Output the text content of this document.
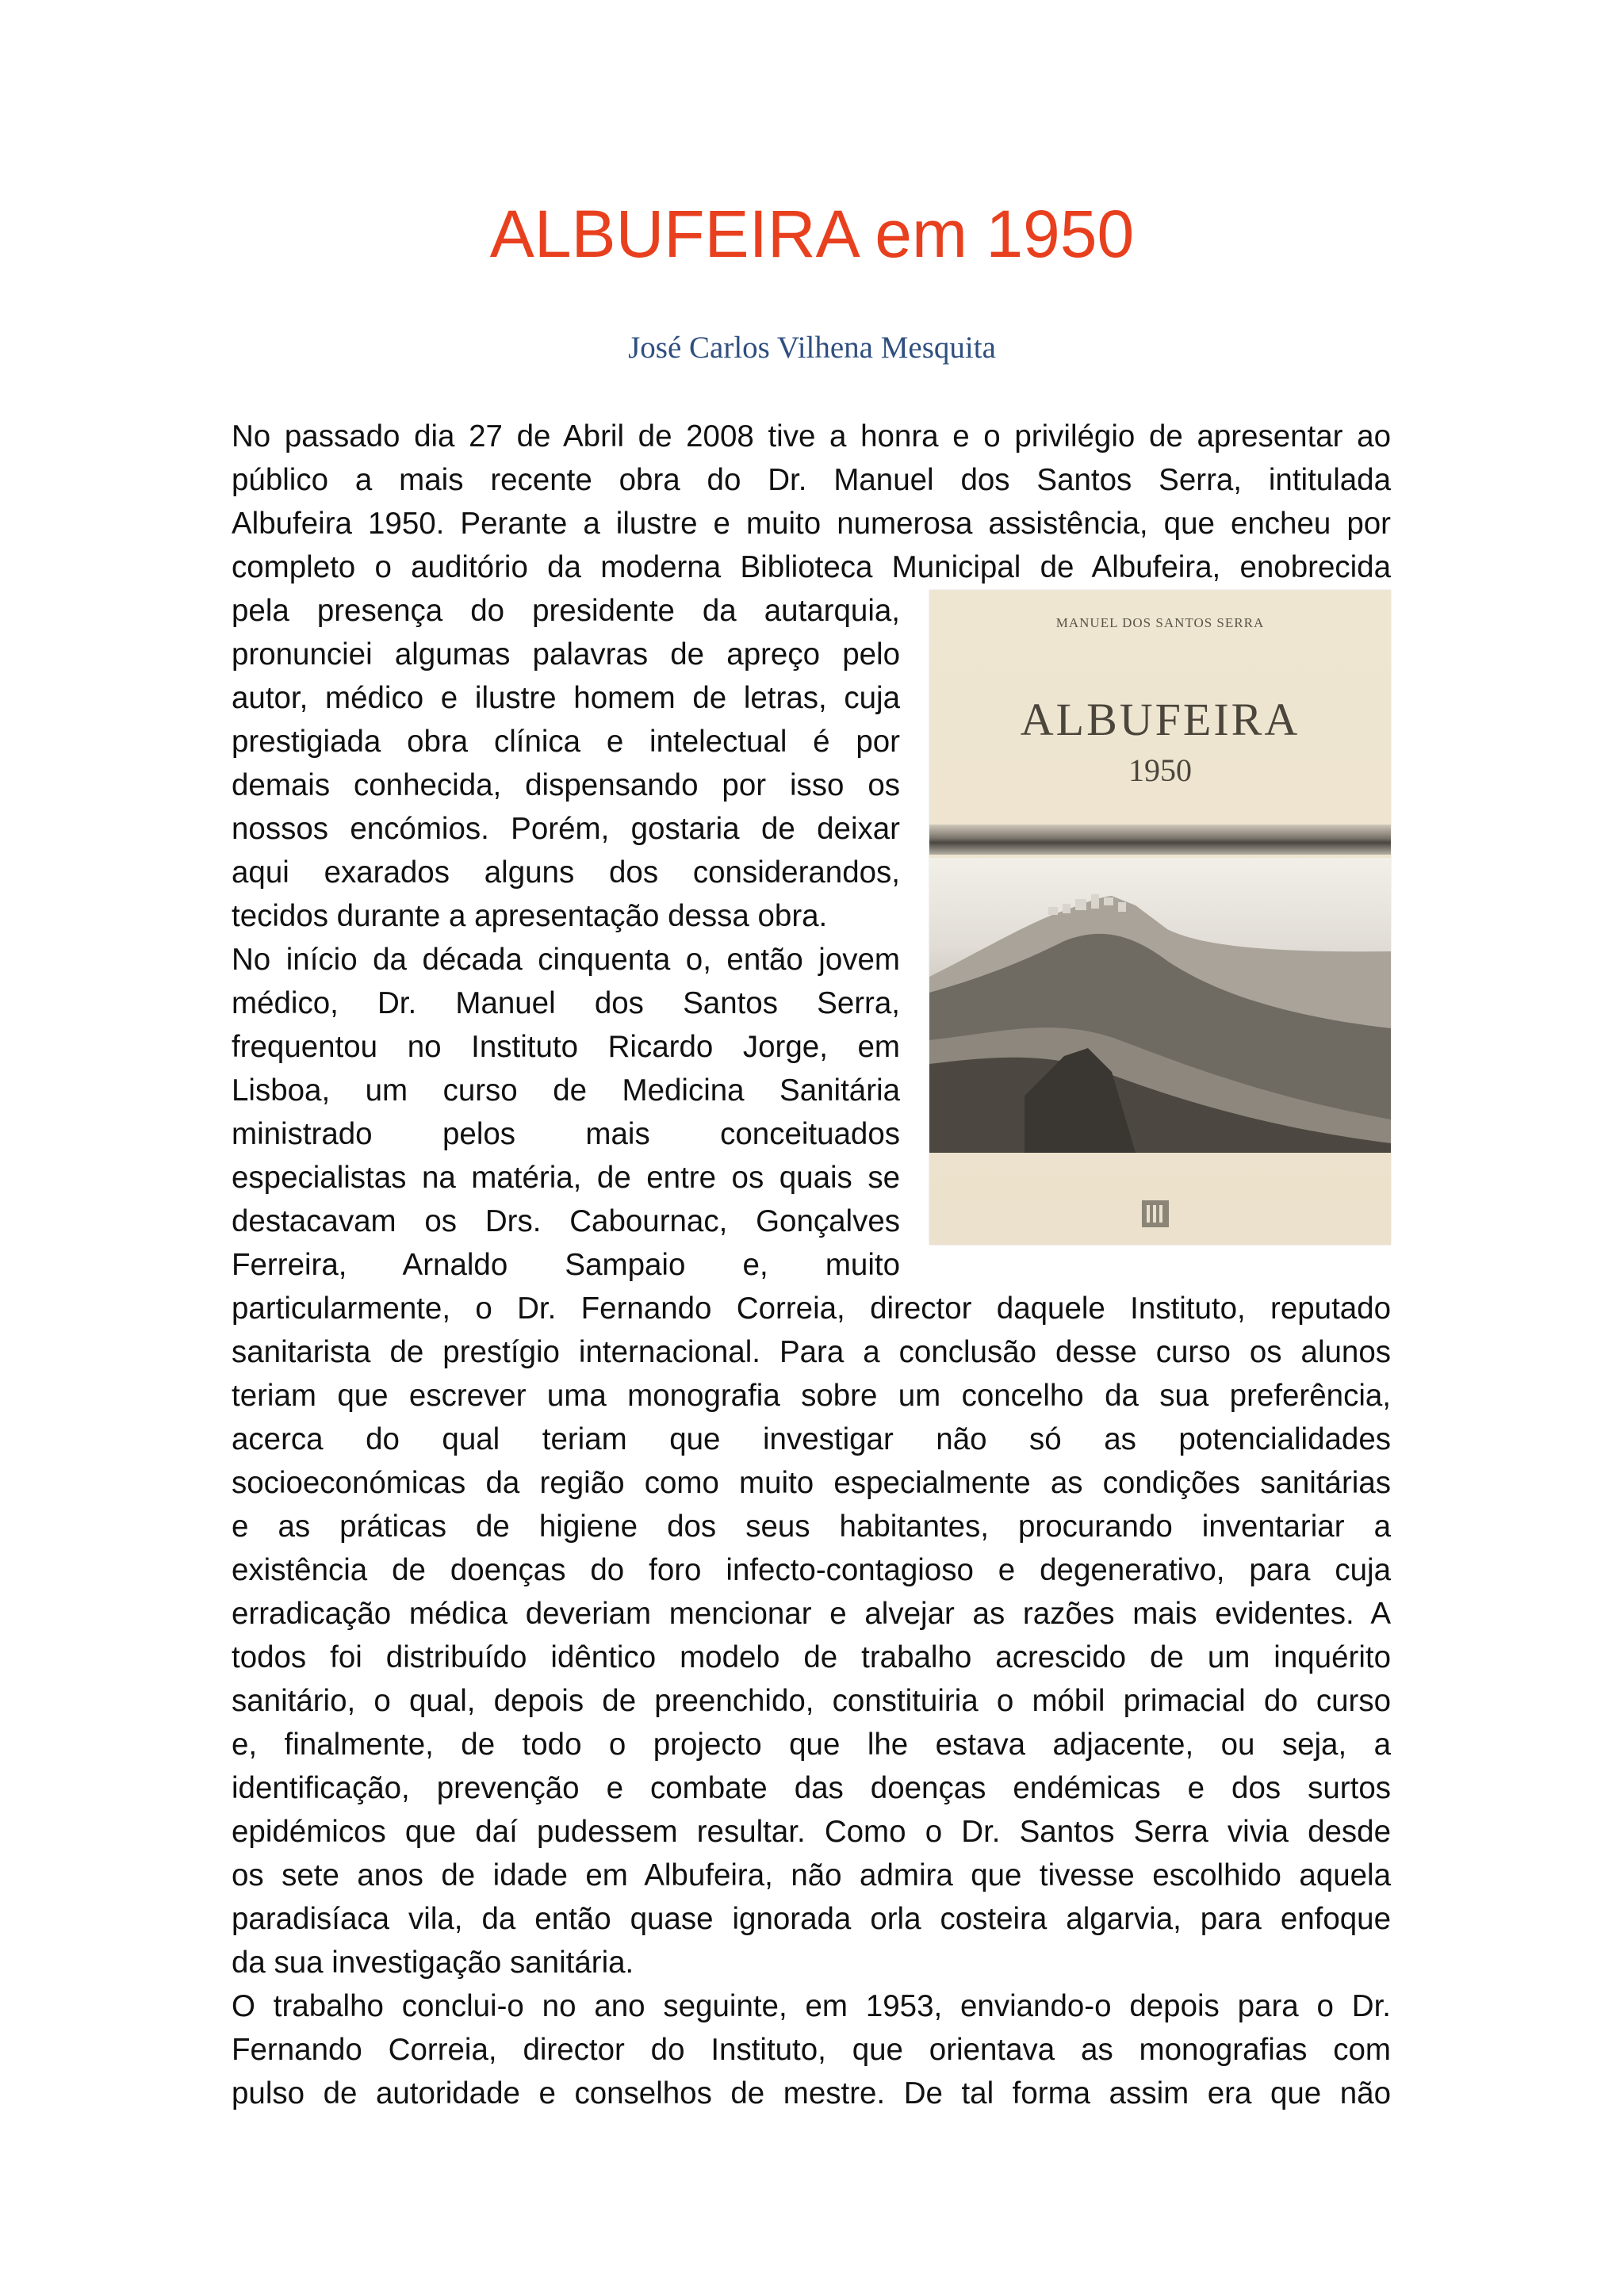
ALBUFEIRA em 1950
José Carlos Vilhena Mesquita
No passado dia 27 de Abril de 2008 tive a honra e o privilégio de apresentar ao
público a mais recente obra do Dr. Manuel dos Santos Serra, intitulada
Albufeira 1950. Perante a ilustre e muito numerosa assistência, que encheu por
completo o auditório da moderna Biblioteca Municipal de Albufeira, enobrecida
pela presença do presidente da autarquia,
pronunciei algumas palavras de apreço pelo
autor, médico e ilustre homem de letras, cuja
prestigiada obra clínica e intelectual é por
demais conhecida, dispensando por isso os
nossos encómios. Porém, gostaria de deixar
aqui exarados alguns dos considerandos,
tecidos durante a apresentação dessa obra.
No início da década cinquenta o, então jovem
médico, Dr. Manuel dos Santos Serra,
frequentou no Instituto Ricardo Jorge, em
Lisboa, um curso de Medicina Sanitária
ministrado pelos mais conceituados
especialistas na matéria, de entre os quais se
destacavam os Drs. Cabournac, Gonçalves
Ferreira, Arnaldo Sampaio e, muito
particularmente, o Dr. Fernando Correia, director daquele Instituto, reputado
sanitarista de prestígio internacional. Para a conclusão desse curso os alunos
teriam que escrever uma monografia sobre um concelho da sua preferência,
acerca do qual teriam que investigar não só as potencialidades
socioeconómicas da região como muito especialmente as condições sanitárias
e as práticas de higiene dos seus habitantes, procurando inventariar a
existência de doenças do foro infecto-contagioso e degenerativo, para cuja
erradicação médica deveriam mencionar e alvejar as razões mais evidentes. A
todos foi distribuído idêntico modelo de trabalho acrescido de um inquérito
sanitário, o qual, depois de preenchido, constituiria o móbil primacial do curso
e, finalmente, de todo o projecto que lhe estava adjacente, ou seja, a
identificação, prevenção e combate das doenças endémicas e dos surtos
epidémicos que daí pudessem resultar. Como o Dr. Santos Serra vivia desde
os sete anos de idade em Albufeira, não admira que tivesse escolhido aquela
paradisíaca vila, da então quase ignorada orla costeira algarvia, para enfoque
da sua investigação sanitária.
O trabalho conclui-o no ano seguinte, em 1953, enviando-o depois para o Dr.
Fernando Correia, director do Instituto, que orientava as monografias com
pulso de autoridade e conselhos de mestre. De tal forma assim era que não
MANUEL DOS SANTOS SERRA
ALBUFEIRA
1950
